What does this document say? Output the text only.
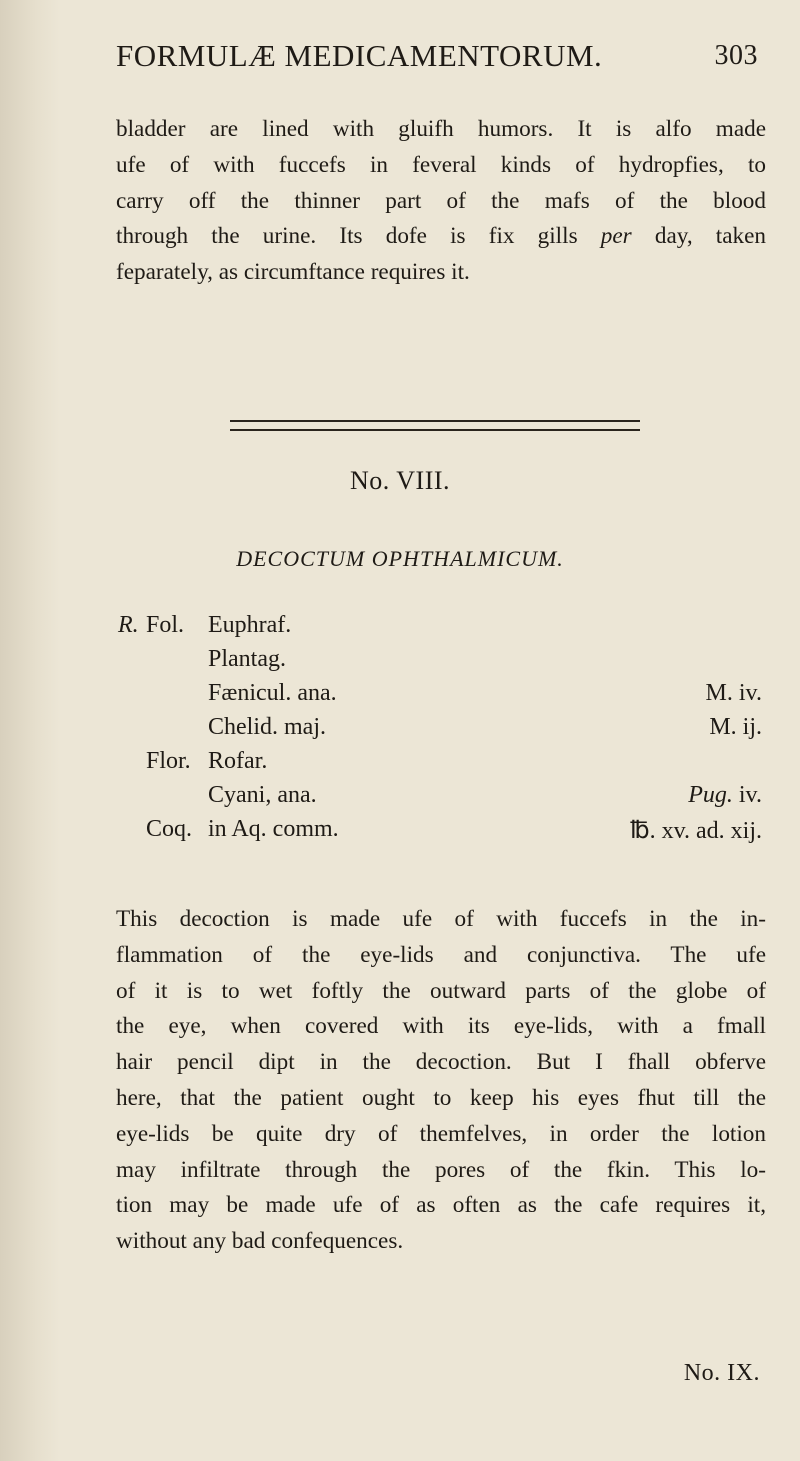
FORMULÆ MEDICAMENTORUM.	303
bladder are lined with gluifh humors. It is alfo made
ufe of with fuccefs in feveral kinds of hydropfies, to
carry off the thinner part of the mafs of the blood
through the urine. Its dofe is fix gills per day, taken
feparately, as circumftance requires it.
No. VIII.
DECOCTUM OPHTHALMICUM.
R. Fol. Euphraf.
Plantag.
Fænicul. ana.	M. iv.
Chelid. maj.	M. ij.
Flor. Rofar.
Cyani, ana.	Pug. iv.
Coq. in Aq. comm.	℔. xv. ad. xij.
This decoction is made ufe of with fuccefs in the in-
flammation of the eye-lids and conjunctiva. The ufe
of it is to wet foftly the outward parts of the globe of
the eye, when covered with its eye-lids, with a fmall
hair pencil dipt in the decoction. But I fhall obferve
here, that the patient ought to keep his eyes fhut till the
eye-lids be quite dry of themfelves, in order the lotion
may infiltrate through the pores of the fkin. This lo-
tion may be made ufe of as often as the cafe requires it,
without any bad confequences.
No. IX.
